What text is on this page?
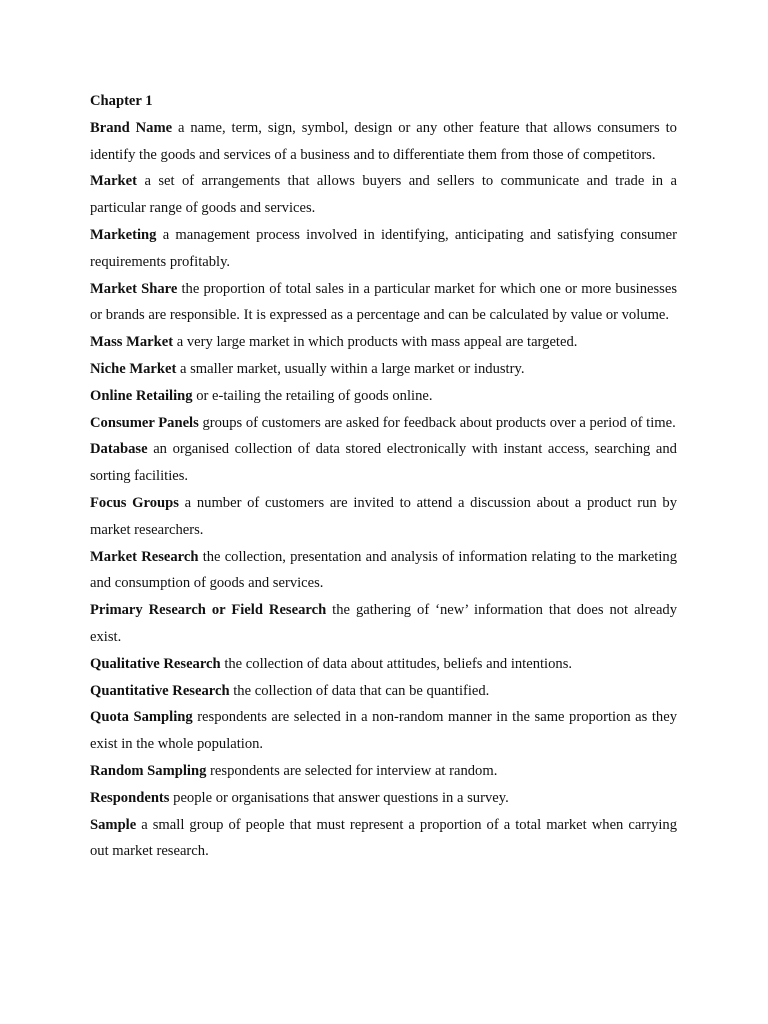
Chapter 1

Brand Name a name, term, sign, symbol, design or any other feature that allows consumers to identify the goods and services of a business and to differentiate them from those of competitors.

Market a set of arrangements that allows buyers and sellers to communicate and trade in a particular range of goods and services.

Marketing a management process involved in identifying, anticipating and satisfying consumer requirements profitably.

Market Share the proportion of total sales in a particular market for which one or more businesses or brands are responsible. It is expressed as a percentage and can be calculated by value or volume.

Mass Market a very large market in which products with mass appeal are targeted.

Niche Market a smaller market, usually within a large market or industry.

Online Retailing or e-tailing the retailing of goods online.

Consumer Panels groups of customers are asked for feedback about products over a period of time.

Database an organised collection of data stored electronically with instant access, searching and sorting facilities.

Focus Groups a number of customers are invited to attend a discussion about a product run by market researchers.

Market Research the collection, presentation and analysis of information relating to the marketing and consumption of goods and services.

Primary Research or Field Research the gathering of ‘new’ information that does not already exist.

Qualitative Research the collection of data about attitudes, beliefs and intentions.

Quantitative Research the collection of data that can be quantified.

Quota Sampling respondents are selected in a non-random manner in the same proportion as they exist in the whole population.

Random Sampling respondents are selected for interview at random.

Respondents people or organisations that answer questions in a survey.

Sample a small group of people that must represent a proportion of a total market when carrying out market research.
